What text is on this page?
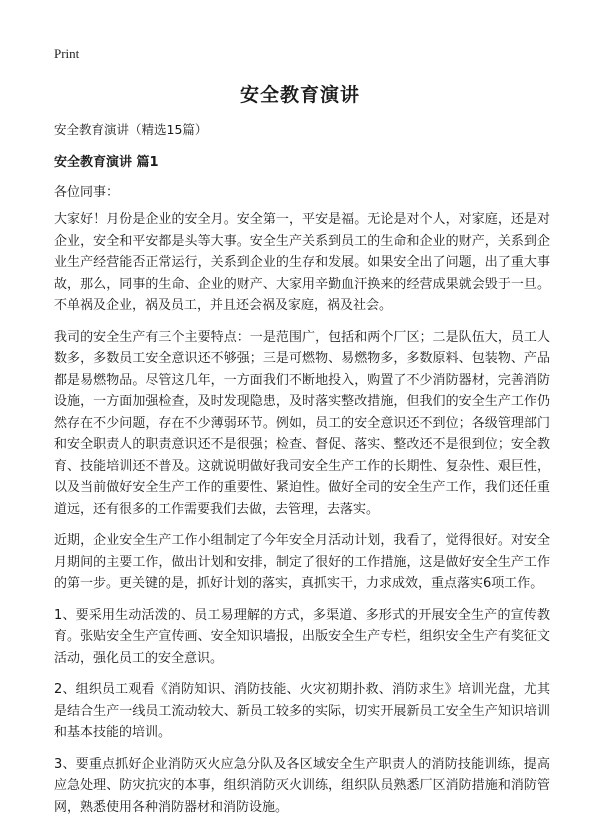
Print
安全教育演讲
安全教育演讲（精选15篇）
安全教育演讲 篇1
各位同事：

大家好！月份是企业的安全月。安全第一，平安是福。无论是对个人，对家庭，还是对企业，安全和平安都是头等大事。安全生产关系到员工的生命和企业的财产，关系到企业生产经营能否正常运行，关系到企业的生存和发展。如果安全出了问题，出了重大事故，那么，同事的生命、企业的财产、大家用辛勤血汗换来的经营成果就会毁于一旦。不单祸及企业，祸及员工，并且还会祸及家庭，祸及社会。

我司的安全生产有三个主要特点：一是范围广，包括和两个厂区；二是队伍大，员工人数多，多数员工安全意识还不够强；三是可燃物、易燃物多，多数原料、包装物、产品都是易燃物品。尽管这几年，一方面我们不断地投入，购置了不少消防器材，完善消防设施，一方面加强检查，及时发现隐患，及时落实整改措施，但我们的安全生产工作仍然存在不少问题，存在不少薄弱环节。例如，员工的安全意识还不到位；各级管理部门和安全职责人的职责意识还不是很强；检查、督促、落实、整改还不是很到位；安全教育、技能培训还不普及。这就说明做好我司安全生产工作的长期性、复杂性、艰巨性，以及当前做好安全生产工作的重要性、紧迫性。做好全司的安全生产工作，我们还任重道远，还有很多的工作需要我们去做，去管理，去落实。

近期，企业安全生产工作小组制定了今年安全月活动计划，我看了，觉得很好。对安全月期间的主要工作，做出计划和安排，制定了很好的工作措施，这是做好安全生产工作的第一步。更关键的是，抓好计划的落实，真抓实干，力求成效，重点落实6项工作。

1、要采用生动活泼的、员工易理解的方式，多渠道、多形式的开展安全生产的宣传教育。张贴安全生产宣传画、安全知识墙报，出版安全生产专栏，组织安全生产有奖征文活动，强化员工的安全意识。

2、组织员工观看《消防知识、消防技能、火灾初期扑救、消防求生》培训光盘，尤其是结合生产一线员工流动较大、新员工较多的实际，切实开展新员工安全生产知识培训和基本技能的培训。

3、要重点抓好企业消防灭火应急分队及各区域安全生产职责人的消防技能训练，提高应急处理、防灾抗灾的本事，组织消防灭火训练，组织队员熟悉厂区消防措施和消防管网，熟悉使用各种消防器材和消防设施。
